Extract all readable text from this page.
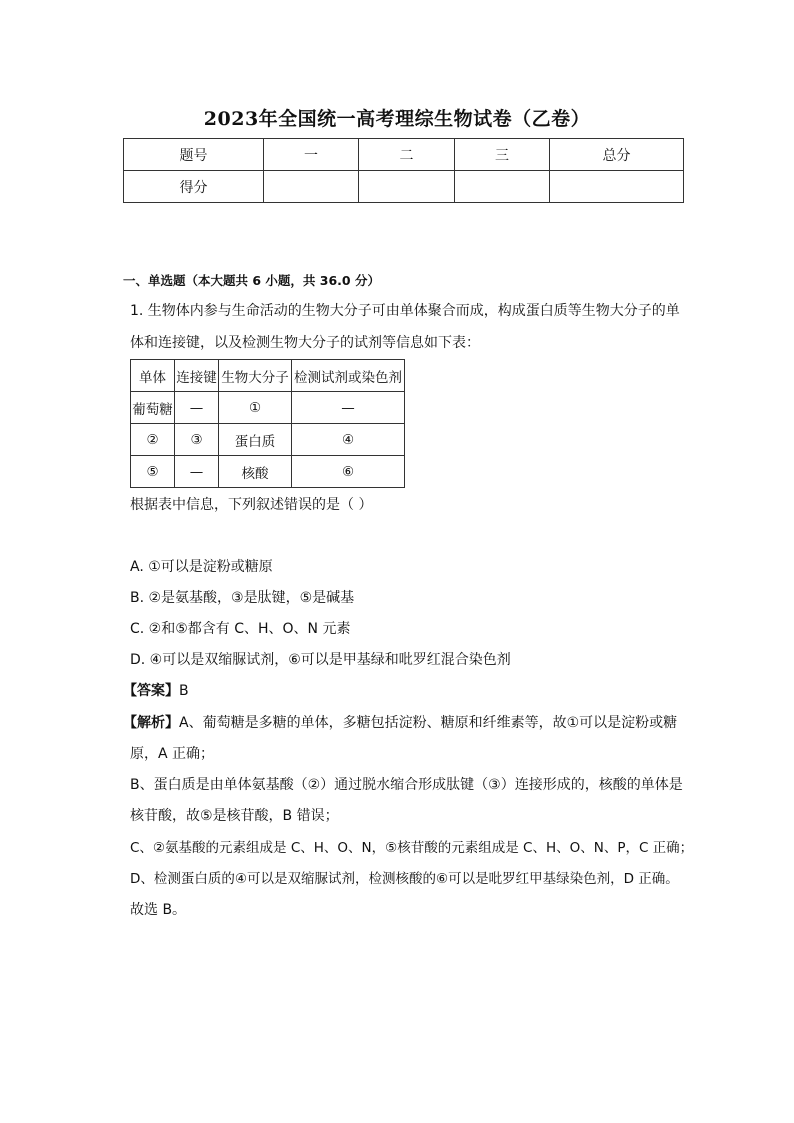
2023年全国统一高考理综生物试卷（乙卷）
题号	一	二	三	总分
得分				
一、单选题（本大题共 6 小题，共 36.0 分）
1. 生物体内参与生命活动的生物大分子可由单体聚合而成，构成蛋白质等生物大分子的单
体和连接键，以及检测生物大分子的试剂等信息如下表：
单体	连接键	生物大分子	检测试剂或染色剂
葡萄糖	—	①	—
②	③	蛋白质	④
⑤	—	核酸	⑥
根据表中信息，下列叙述错误的是（ ）
A. ①可以是淀粉或糖原
B. ②是氨基酸，③是肽键，⑤是碱基
C. ②和⑤都含有 C、H、O、N 元素
D. ④可以是双缩脲试剂，⑥可以是甲基绿和吡罗红混合染色剂
【答案】B
【解析】A、葡萄糖是多糖的单体，多糖包括淀粉、糖原和纤维素等，故①可以是淀粉或糖
原，A 正确；
B、蛋白质是由单体氨基酸（②）通过脱水缩合形成肽键（③）连接形成的，核酸的单体是
核苷酸，故⑤是核苷酸，B 错误；
C、②氨基酸的元素组成是 C、H、O、N，⑤核苷酸的元素组成是 C、H、O、N、P，C 正确；
D、检测蛋白质的④可以是双缩脲试剂，检测核酸的⑥可以是吡罗红甲基绿染色剂，D 正确。
故选 B。
